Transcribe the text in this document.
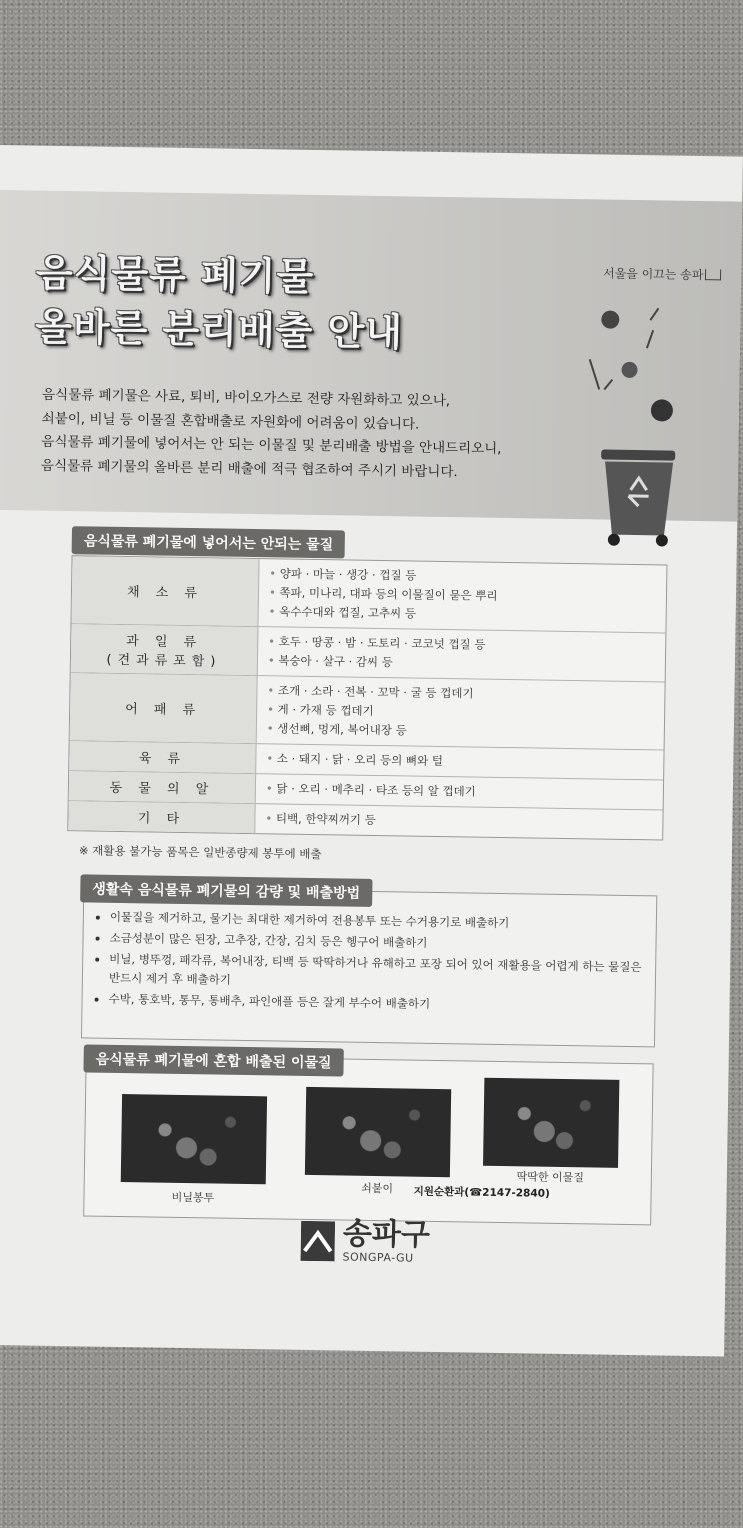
서울을 이끄는 송파
음식물류 폐기물
올바른 분리배출 안내
음식물류 폐기물은 사료, 퇴비, 바이오가스로 전량 자원화하고 있으나,
쇠붙이, 비닐 등 이물질 혼합배출로 자원화에 어려움이 있습니다.
음식물류 폐기물에 넣어서는 안 되는 이물질 및 분리배출 방법을 안내드리오니,
음식물류 폐기물의 올바른 분리 배출에 적극 협조하여 주시기 바랍니다.
음식물류 폐기물에 넣어서는 안되는 물질
채 소 류
• 양파 · 마늘 · 생강 · 껍질 등
• 쪽파, 미나리, 대파 등의 이물질이 묻은 뿌리
• 옥수수대와 껍질, 고추씨 등
과 일 류
(견과류포함)
• 호두 · 땅콩 · 밤 · 도토리 · 코코넛 껍질 등
• 복숭아 · 살구 · 감씨 등
어 패 류
• 조개 · 소라 · 전복 · 꼬막 · 굴 등 껍데기
• 게 · 가재 등 껍데기
• 생선뼈, 멍게, 복어내장 등
육 류	• 소 · 돼지 · 닭 · 오리 등의 뼈와 털
동 물 의 알	• 닭 · 오리 · 메추리 · 타조 등의 알 껍데기
기 타	• 티백, 한약찌꺼기 등
※ 재활용 불가능 품목은 일반종량제 봉투에 배출
생활속 음식물류 폐기물의 감량 및 배출방법
• 이물질을 제거하고, 물기는 최대한 제거하여 전용봉투 또는 수거용기로 배출하기
• 소금성분이 많은 된장, 고추장, 간장, 김치 등은 헹구어 배출하기
• 비닐, 병뚜껑, 패각류, 복어내장, 티백 등 딱딱하거나 유해하고 포장 되어 있어 재활용을 어렵게 하는 물질은 반드시 제거 후 배출하기
• 수박, 통호박, 통무, 통배추, 파인애플 등은 잘게 부수어 배출하기
음식물류 폐기물에 혼합 배출된 이물질
비닐봉투
쇠붙이
딱딱한 이물질
지원순환과(☎2147-2840)
송파구
SONGPA-GU
